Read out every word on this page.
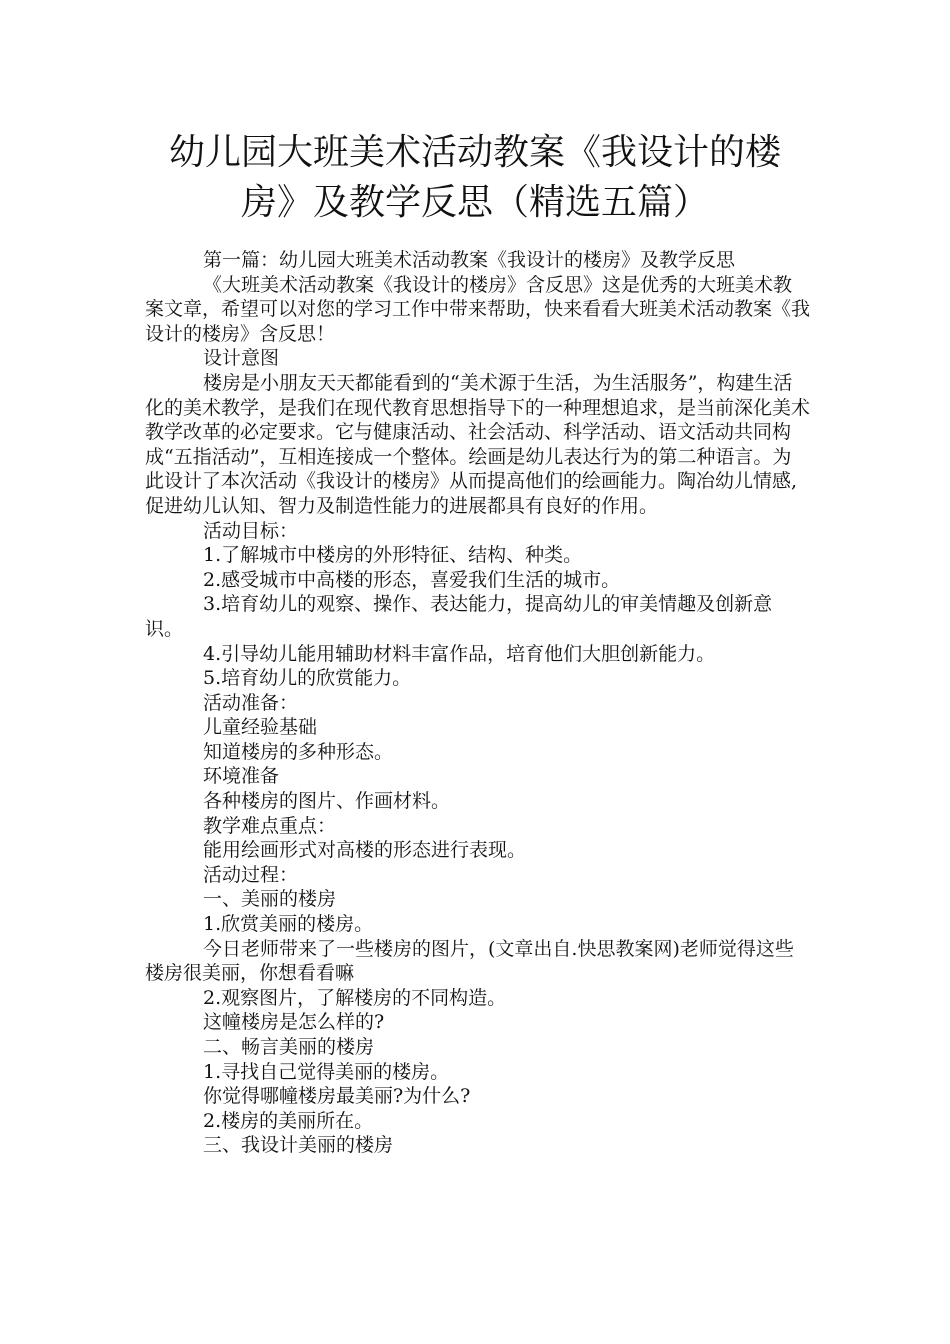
幼儿园大班美术活动教案《我设计的楼
房》及教学反思（精选五篇）

第一篇：幼儿园大班美术活动教案《我设计的楼房》及教学反思

《大班美术活动教案《我设计的楼房》含反思》这是优秀的大班美术教案文章，希望可以对您的学习工作中带来帮助，快来看看大班美术活动教案《我设计的楼房》含反思！

设计意图

楼房是小朋友天天都能看到的“美术源于生活，为生活服务”，构建生活化的美术教学，是我们在现代教育思想指导下的一种理想追求，是当前深化美术教学改革的必定要求。它与健康活动、社会活动、科学活动、语文活动共同构成“五指活动”，互相连接成一个整体。绘画是幼儿表达行为的第二种语言。为此设计了本次活动《我设计的楼房》从而提高他们的绘画能力。陶冶幼儿情感,促进幼儿认知、智力及制造性能力的进展都具有良好的作用。

活动目标：

1.了解城市中楼房的外形特征、结构、种类。

2.感受城市中高楼的形态，喜爱我们生活的城市。

3.培育幼儿的观察、操作、表达能力，提高幼儿的审美情趣及创新意识。

4.引导幼儿能用辅助材料丰富作品，培育他们大胆创新能力。

5.培育幼儿的欣赏能力。

活动准备：

儿童经验基础

知道楼房的多种形态。

环境准备

各种楼房的图片、作画材料。

教学难点重点：

能用绘画形式对高楼的形态进行表现。

活动过程：

一、美丽的楼房

1.欣赏美丽的楼房。

今日老师带来了一些楼房的图片，(文章出自.快思教案网)老师觉得这些楼房很美丽，你想看看嘛

2.观察图片，了解楼房的不同构造。

这幢楼房是怎么样的?

二、畅言美丽的楼房

1.寻找自己觉得美丽的楼房。

你觉得哪幢楼房最美丽?为什么?

2.楼房的美丽所在。

三、我设计美丽的楼房
